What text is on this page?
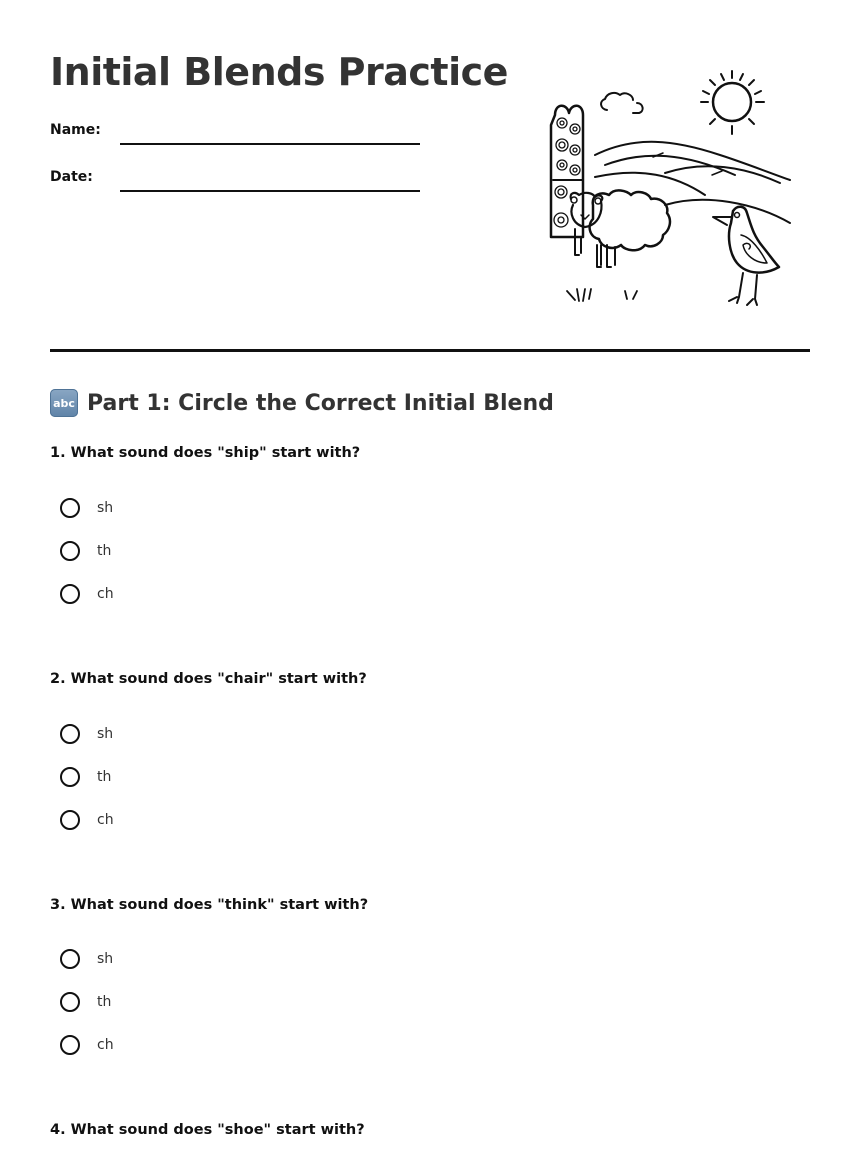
Initial Blends Practice
Name:
Date:
abc Part 1: Circle the Correct Initial Blend

1. What sound does "ship" start with?

sh
th
ch

2. What sound does "chair" start with?

sh
th
ch

3. What sound does "think" start with?

sh
th
ch

4. What sound does "shoe" start with?
